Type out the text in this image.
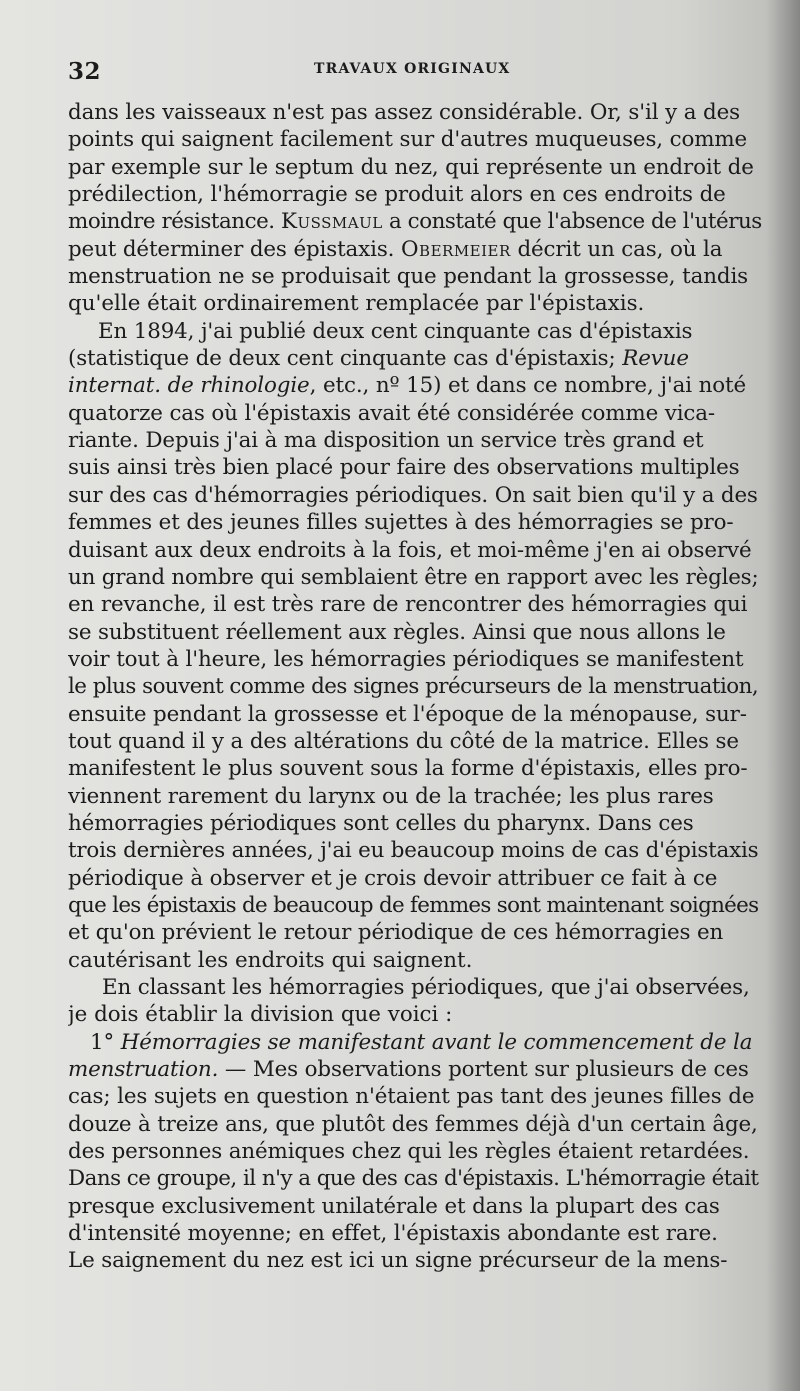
32	TRAVAUX ORIGINAUX
dans les vaisseaux n'est pas assez considérable. Or, s'il y a des
points qui saignent facilement sur d'autres muqueuses, comme
par exemple sur le septum du nez, qui représente un endroit de
prédilection, l'hémorragie se produit alors en ces endroits de
moindre résistance. Kussmaul a constaté que l'absence de l'utérus
peut déterminer des épistaxis. Obermeier décrit un cas, où la
menstruation ne se produisait que pendant la grossesse, tandis
qu'elle était ordinairement remplacée par l'épistaxis.
En 1894, j'ai publié deux cent cinquante cas d'épistaxis
(statistique de deux cent cinquante cas d'épistaxis; Revue
internat. de rhinologie, etc., nº 15) et dans ce nombre, j'ai noté
quatorze cas où l'épistaxis avait été considérée comme vica-
riante. Depuis j'ai à ma disposition un service très grand et
suis ainsi très bien placé pour faire des observations multiples
sur des cas d'hémorragies périodiques. On sait bien qu'il y a des
femmes et des jeunes filles sujettes à des hémorragies se pro-
duisant aux deux endroits à la fois, et moi-même j'en ai observé
un grand nombre qui semblaient être en rapport avec les règles;
en revanche, il est très rare de rencontrer des hémorragies qui
se substituent réellement aux règles. Ainsi que nous allons le
voir tout à l'heure, les hémorragies périodiques se manifestent
le plus souvent comme des signes précurseurs de la menstruation,
ensuite pendant la grossesse et l'époque de la ménopause, sur-
tout quand il y a des altérations du côté de la matrice. Elles se
manifestent le plus souvent sous la forme d'épistaxis, elles pro-
viennent rarement du larynx ou de la trachée; les plus rares
hémorragies périodiques sont celles du pharynx. Dans ces
trois dernières années, j'ai eu beaucoup moins de cas d'épistaxis
périodique à observer et je crois devoir attribuer ce fait à ce
que les épistaxis de beaucoup de femmes sont maintenant soignées
et qu'on prévient le retour périodique de ces hémorragies en
cautérisant les endroits qui saignent.
En classant les hémorragies périodiques, que j'ai observées,
je dois établir la division que voici :
1° Hémorragies se manifestant avant le commencement de la
menstruation. — Mes observations portent sur plusieurs de ces
cas; les sujets en question n'étaient pas tant des jeunes filles de
douze à treize ans, que plutôt des femmes déjà d'un certain âge,
des personnes anémiques chez qui les règles étaient retardées.
Dans ce groupe, il n'y a que des cas d'épistaxis. L'hémorragie était
presque exclusivement unilatérale et dans la plupart des cas
d'intensité moyenne; en effet, l'épistaxis abondante est rare.
Le saignement du nez est ici un signe précurseur de la mens-
